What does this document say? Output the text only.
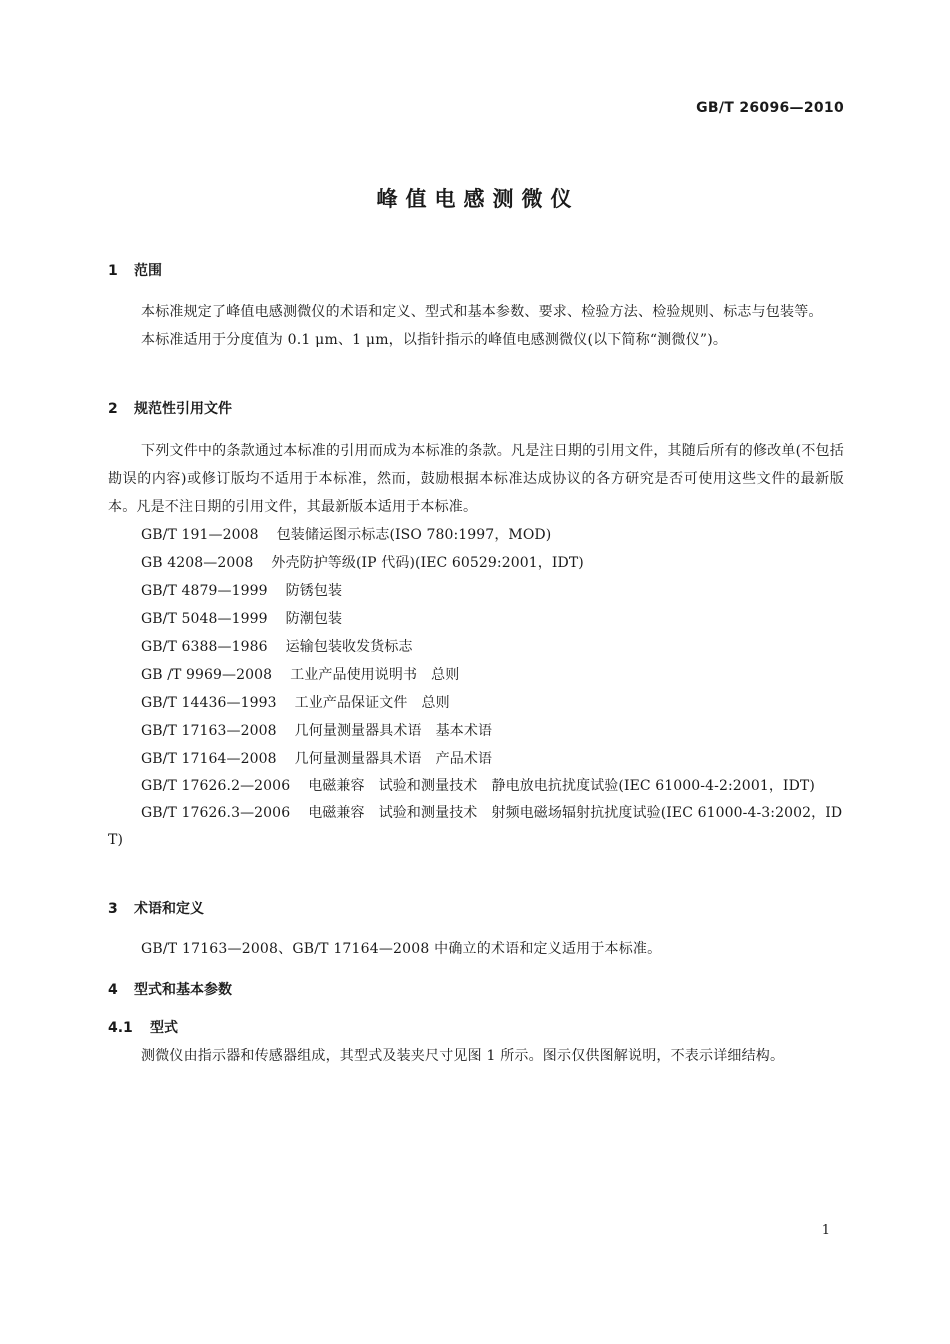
GB/T 26096—2010
峰值电感测微仪
1 范围
本标准规定了峰值电感测微仪的术语和定义、型式和基本参数、要求、检验方法、检验规则、标志与包装等。
本标准适用于分度值为 0.1 μm、1 μm，以指针指示的峰值电感测微仪(以下简称“测微仪”)。
2 规范性引用文件
下列文件中的条款通过本标准的引用而成为本标准的条款。凡是注日期的引用文件，其随后所有的修改单(不包括勘误的内容)或修订版均不适用于本标准，然而，鼓励根据本标准达成协议的各方研究是否可使用这些文件的最新版本。凡是不注日期的引用文件，其最新版本适用于本标准。
GB/T 191—2008 包装储运图示标志(ISO 780:1997，MOD)
GB 4208—2008 外壳防护等级(IP 代码)(IEC 60529:2001，IDT)
GB/T 4879—1999 防锈包装
GB/T 5048—1999 防潮包装
GB/T 6388—1986 运输包装收发货标志
GB /T 9969—2008 工业产品使用说明书　总则
GB/T 14436—1993 工业产品保证文件　总则
GB/T 17163—2008 几何量测量器具术语　基本术语
GB/T 17164—2008 几何量测量器具术语　产品术语
GB/T 17626.2—2006 电磁兼容　试验和测量技术　静电放电抗扰度试验(IEC 61000-4-2:2001，IDT)
GB/T 17626.3—2006 电磁兼容　试验和测量技术　射频电磁场辐射抗扰度试验(IEC 61000-4-3:2002，IDT)
3 术语和定义
GB/T 17163—2008、GB/T 17164—2008 中确立的术语和定义适用于本标准。
4 型式和基本参数
4.1 型式
测微仪由指示器和传感器组成，其型式及装夹尺寸见图 1 所示。图示仅供图解说明，不表示详细结构。
1
